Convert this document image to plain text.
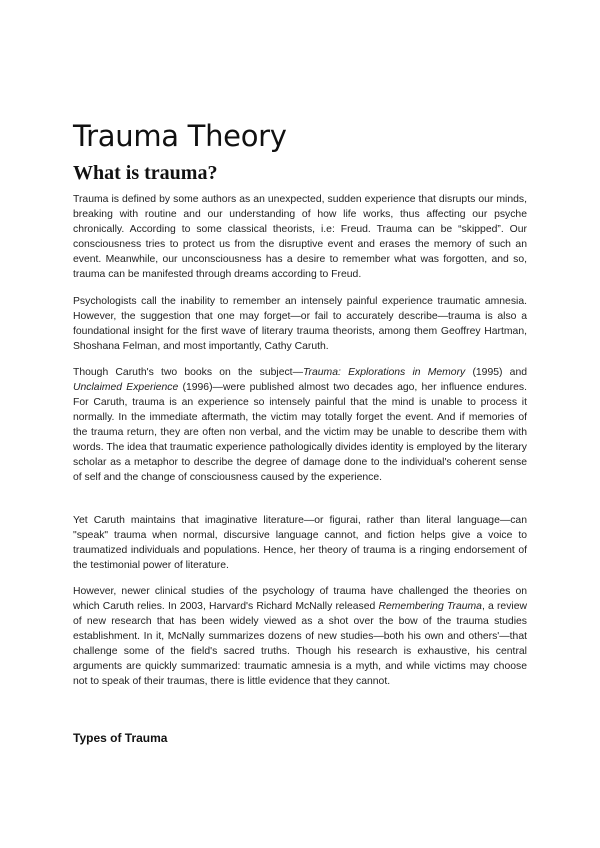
Trauma Theory
What is trauma?

Trauma is defined by some authors as an unexpected, sudden experience that disrupts our minds, breaking with routine and our understanding of how life works, thus affecting our psyche chronically. According to some classical theorists, i.e: Freud. Trauma can be “skipped”. Our consciousness tries to protect us from the disruptive event and erases the memory of such an event. Meanwhile, our unconsciousness has a desire to remember what was forgotten, and so, trauma can be manifested through dreams according to Freud.

Psychologists call the inability to remember an intensely painful experience traumatic amnesia. However, the suggestion that one may forget—or fail to accurately describe—trauma is also a foundational insight for the first wave of literary trauma theorists, among them Geoffrey Hartman, Shoshana Felman, and most importantly, Cathy Caruth.

Though Caruth's two books on the subject—Trauma: Explorations in Memory (1995) and Unclaimed Experience (1996)—were published almost two decades ago, her influence endures. For Caruth, trauma is an experience so intensely painful that the mind is unable to process it normally. In the immediate aftermath, the victim may totally forget the event. And if memories of the trauma return, they are often non verbal, and the victim may be unable to describe them with words. The idea that traumatic experience pathologically divides identity is employed by the literary scholar as a metaphor to describe the degree of damage done to the individual's coherent sense of self and the change of consciousness caused by the experience.

Yet Caruth maintains that imaginative literature—or figurai, rather than literal language—can "speak" trauma when normal, discursive language cannot, and fiction helps give a voice to traumatized individuals and populations. Hence, her theory of trauma is a ringing endorsement of the testimonial power of literature.

However, newer clinical studies of the psychology of trauma have challenged the theories on which Caruth relies. In 2003, Harvard's Richard McNally released Remembering Trauma, a review of new research that has been widely viewed as a shot over the bow of the trauma studies establishment. In it, McNally summarizes dozens of new studies—both his own and others'—that challenge some of the field's sacred truths. Though his research is exhaustive, his central arguments are quickly summarized: traumatic amnesia is a myth, and while victims may choose not to speak of their traumas, there is little evidence that they cannot.

Types of Trauma
